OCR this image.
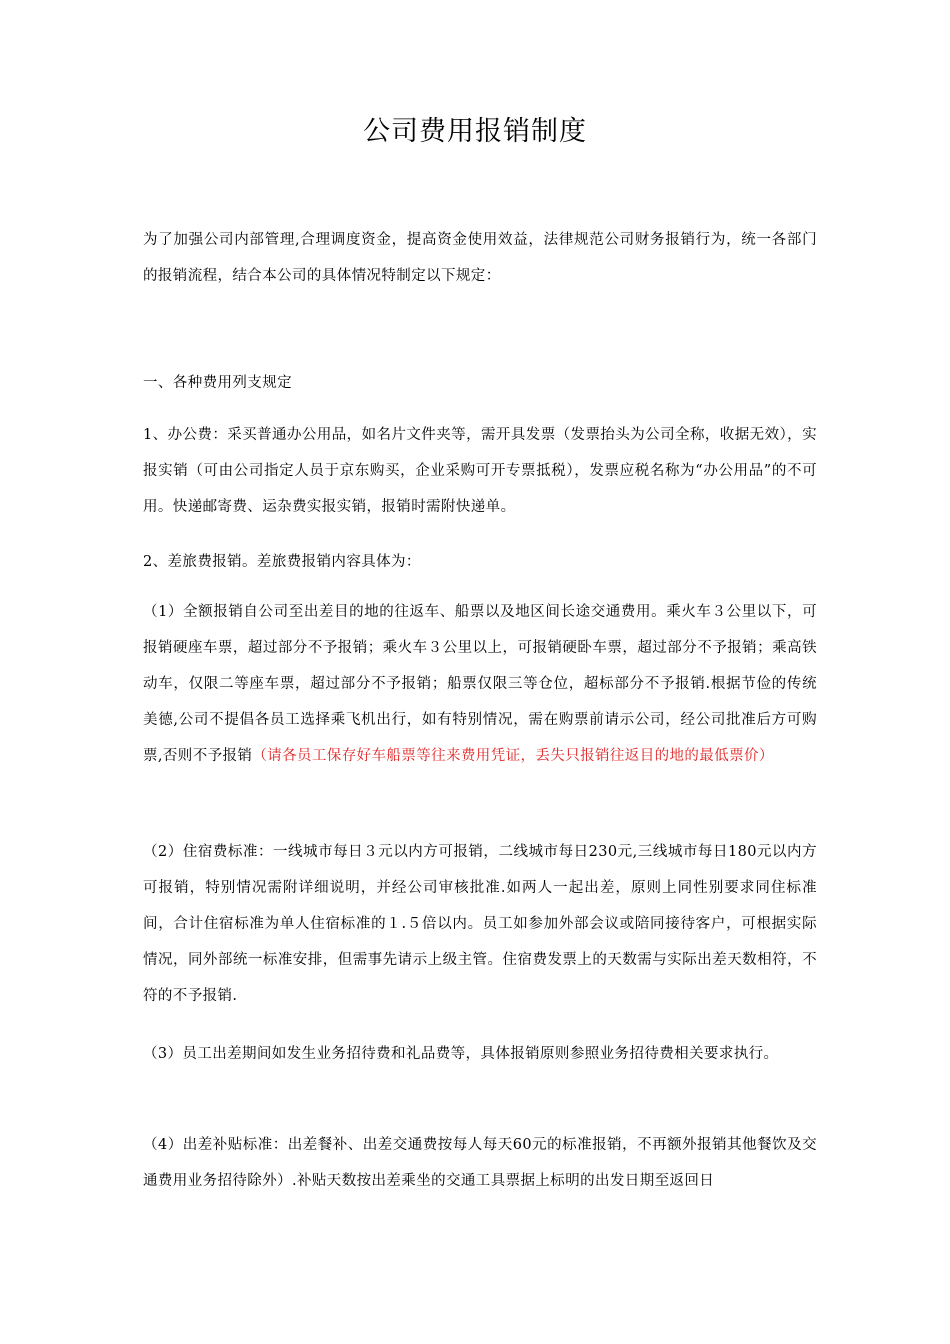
公司费用报销制度
为了加强公司内部管理,合理调度资金，提高资金使用效益，法律规范公司财务报销行为，统一各部门的报销流程，结合本公司的具体情况特制定以下规定：
一、各种费用列支规定
1、办公费：采买普通办公用品，如名片文件夹等，需开具发票（发票抬头为公司全称，收据无效），实报实销（可由公司指定人员于京东购买，企业采购可开专票抵税），发票应税名称为“办公用品”的不可用。快递邮寄费、运杂费实报实销，报销时需附快递单。
2、差旅费报销。差旅费报销内容具体为：
（1）全额报销自公司至出差目的地的往返车、船票以及地区间长途交通费用。乘火车３公里以下，可报销硬座车票，超过部分不予报销；乘火车３公里以上，可报销硬卧车票，超过部分不予报销；乘高铁动车，仅限二等座车票，超过部分不予报销；船票仅限三等仓位，超标部分不予报销.根据节俭的传统美德,公司不提倡各员工选择乘飞机出行，如有特别情况，需在购票前请示公司，经公司批准后方可购票,否则不予报销（请各员工保存好车船票等往来费用凭证，丢失只报销往返目的地的最低票价）
（2）住宿费标准：一线城市每日３元以内方可报销，二线城市每日230元,三线城市每日180元以内方可报销，特别情况需附详细说明，并经公司审核批准.如两人一起出差，原则上同性别要求同住标准间，合计住宿标准为单人住宿标准的１.５倍以内。员工如参加外部会议或陪同接待客户，可根据实际情况，同外部统一标准安排，但需事先请示上级主管。住宿费发票上的天数需与实际出差天数相符，不符的不予报销.
（3）员工出差期间如发生业务招待费和礼品费等，具体报销原则参照业务招待费相关要求执行。
（4）出差补贴标准：出差餐补、出差交通费按每人每天60元的标准报销，不再额外报销其他餐饮及交通费用业务招待除外）.补贴天数按出差乘坐的交通工具票据上标明的出发日期至返回日
